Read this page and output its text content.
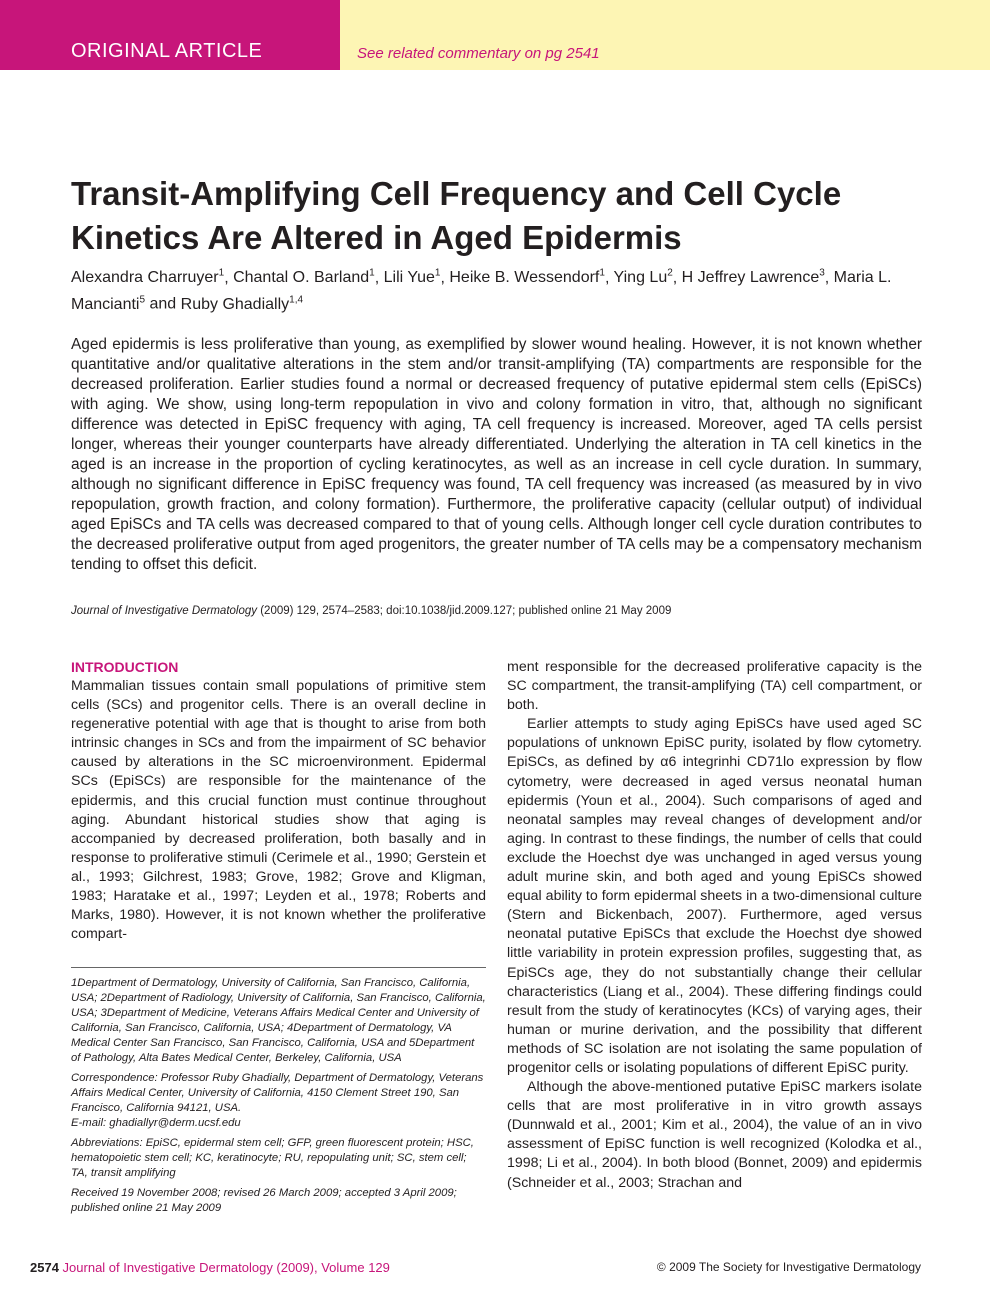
ORIGINAL ARTICLE	See related commentary on pg 2541
Transit-Amplifying Cell Frequency and Cell Cycle Kinetics Are Altered in Aged Epidermis
Alexandra Charruyer$^1$, Chantal O. Barland$^1$, Lili Yue$^1$, Heike B. Wessendorf$^1$, Ying Lu$^2$, H Jeffrey Lawrence$^3$, Maria L. Mancianti$^5$ and Ruby Ghadially$^{1,4}$

Aged epidermis is less proliferative than young, as exemplified by slower wound healing. However, it is not known whether quantitative and/or qualitative alterations in the stem and/or transit-amplifying (TA) compartments are responsible for the decreased proliferation. Earlier studies found a normal or decreased frequency of putative epidermal stem cells (EpiSCs) with aging. We show, using long-term repopulation in vivo and colony formation in vitro, that, although no significant difference was detected in EpiSC frequency with aging, TA cell frequency is increased. Moreover, aged TA cells persist longer, whereas their younger counterparts have already differentiated. Underlying the alteration in TA cell kinetics in the aged is an increase in the proportion of cycling keratinocytes, as well as an increase in cell cycle duration. In summary, although no significant difference in EpiSC frequency was found, TA cell frequency was increased (as measured by in vivo repopulation, growth fraction, and colony formation). Furthermore, the proliferative capacity (cellular output) of individual aged EpiSCs and TA cells was decreased compared to that of young cells. Although longer cell cycle duration contributes to the decreased proliferative output from aged progenitors, the greater number of TA cells may be a compensatory mechanism tending to offset this deficit.

Journal of Investigative Dermatology (2009) 129, 2574–2583; doi:10.1038/jid.2009.127; published online 21 May 2009
INTRODUCTION

Mammalian tissues contain small populations of primitive stem cells (SCs) and progenitor cells. There is an overall decline in regenerative potential with age that is thought to arise from both intrinsic changes in SCs and from the impairment of SC behavior caused by alterations in the SC microenvironment. Epidermal SCs (EpiSCs) are responsible for the maintenance of the epidermis, and this crucial function must continue throughout aging. Abundant historical studies show that aging is accompanied by decreased proliferation, both basally and in response to proliferative stimuli (Cerimele et al., 1990; Gerstein et al., 1993; Gilchrest, 1983; Grove, 1982; Grove and Kligman, 1983; Haratake et al., 1997; Leyden et al., 1978; Roberts and Marks, 1980). However, it is not known whether the proliferative compart-

1Department of Dermatology, University of California, San Francisco, California, USA; 2Department of Radiology, University of California, San Francisco, California, USA; 3Department of Medicine, Veterans Affairs Medical Center and University of California, San Francisco, California, USA; 4Department of Dermatology, VA Medical Center San Francisco, San Francisco, California, USA and 5Department of Pathology, Alta Bates Medical Center, Berkeley, California, USA

Correspondence: Professor Ruby Ghadially, Department of Dermatology, Veterans Affairs Medical Center, University of California, 4150 Clement Street 190, San Francisco, California 94121, USA.
E-mail: ghadiallyr@derm.ucsf.edu

Abbreviations: EpiSC, epidermal stem cell; GFP, green fluorescent protein; HSC, hematopoietic stem cell; KC, keratinocyte; RU, repopulating unit; SC, stem cell; TA, transit amplifying

Received 19 November 2008; revised 26 March 2009; accepted 3 April 2009; published online 21 May 2009

ment responsible for the decreased proliferative capacity is the SC compartment, the transit-amplifying (TA) cell compartment, or both.

Earlier attempts to study aging EpiSCs have used aged SC populations of unknown EpiSC purity, isolated by flow cytometry. EpiSCs, as defined by α6 integrinhi CD71lo expression by flow cytometry, were decreased in aged versus neonatal human epidermis (Youn et al., 2004). Such comparisons of aged and neonatal samples may reveal changes of development and/or aging. In contrast to these findings, the number of cells that could exclude the Hoechst dye was unchanged in aged versus young adult murine skin, and both aged and young EpiSCs showed equal ability to form epidermal sheets in a two-dimensional culture (Stern and Bickenbach, 2007). Furthermore, aged versus neonatal putative EpiSCs that exclude the Hoechst dye showed little variability in protein expression profiles, suggesting that, as EpiSCs age, they do not substantially change their cellular characteristics (Liang et al., 2004). These differing findings could result from the study of keratinocytes (KCs) of varying ages, their human or murine derivation, and the possibility that different methods of SC isolation are not isolating the same population of progenitor cells or isolating populations of different EpiSC purity.

Although the above-mentioned putative EpiSC markers isolate cells that are most proliferative in in vitro growth assays (Dunnwald et al., 2001; Kim et al., 2004), the value of an in vivo assessment of EpiSC function is well recognized (Kolodka et al., 1998; Li et al., 2004). In both blood (Bonnet, 2009) and epidermis (Schneider et al., 2003; Strachan and

2574 Journal of Investigative Dermatology (2009), Volume 129	© 2009 The Society for Investigative Dermatology
